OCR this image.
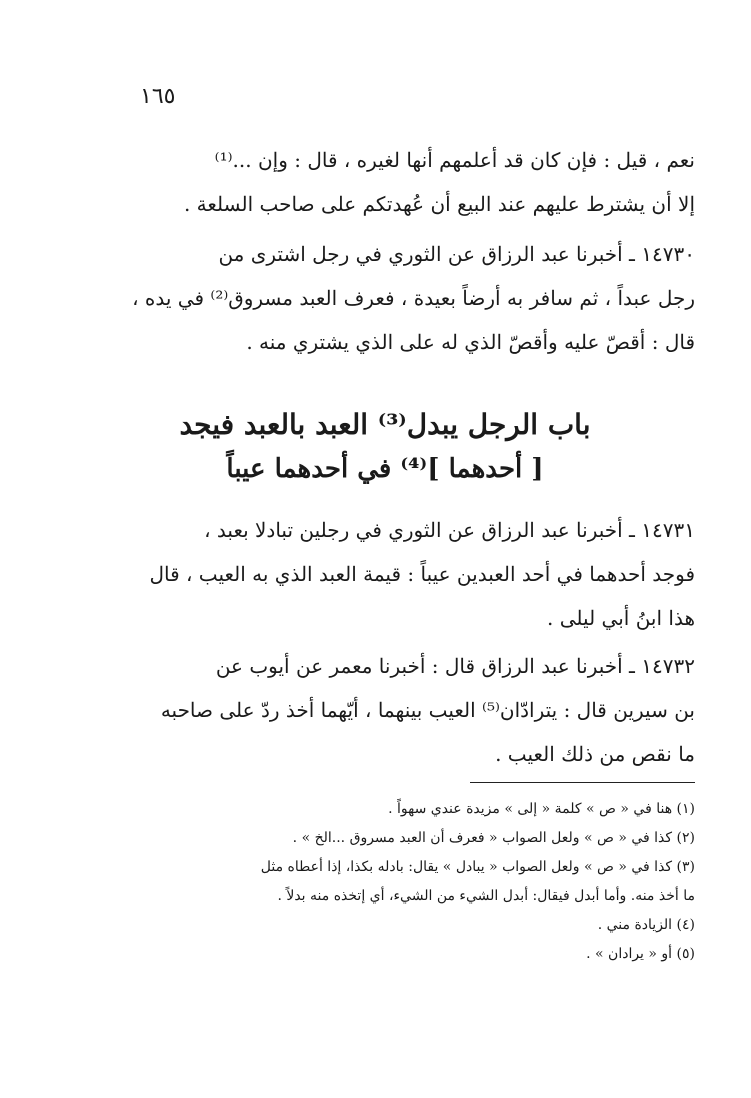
١٦٥

نعم ، قيل : فإن كان قد أعلمهم أنها لغيره ، قال : وإن ...⁽¹⁾
إلا أن يشترط عليهم عند البيع أن عُهدتكم على صاحب السلعة .

١٤٧٣٠ ـ أخبرنا عبد الرزاق عن الثوري في رجل اشترى من
رجل عبداً ، ثم سافر به أرضاً بعيدة ، فعرف العبد مسروق⁽²⁾ في يده ،
قال : أقصّ عليه وأقصّ الذي له على الذي يشتري منه .

باب الرجل يبدل⁽³⁾ العبد بالعبد فيجد
[ أحدهما ]⁽⁴⁾ في أحدهما عيباً

١٤٧٣١ ـ أخبرنا عبد الرزاق عن الثوري في رجلين تبادلا بعبد ،
فوجد أحدهما في أحد العبدين عيباً : قيمة العبد الذي به العيب ، قال
هذا ابنُ أبي ليلى .

١٤٧٣٢ ـ أخبرنا عبد الرزاق قال : أخبرنا معمر عن أيوب عن
بن سيرين قال : يترادّان⁽⁵⁾ العيب بينهما ، أيّهما أخذ ردّ على صاحبه
ما نقص من ذلك العيب .

(١) هنا في « ص » كلمة « إلى » مزيدة عندي سهواً .
(٢) كذا في « ص » ولعل الصواب « فعرف أن العبد مسروق ...الخ » .
(٣) كذا في « ص » ولعل الصواب « يبادل » يقال: بادله بكذا، إذا أعطاه مثل
ما أخذ منه. وأما أبدل فيقال: أبدل الشيء من الشيء، أي إتخذه منه بدلاً .
(٤) الزيادة مني .
(٥) أو « يرادان » .
